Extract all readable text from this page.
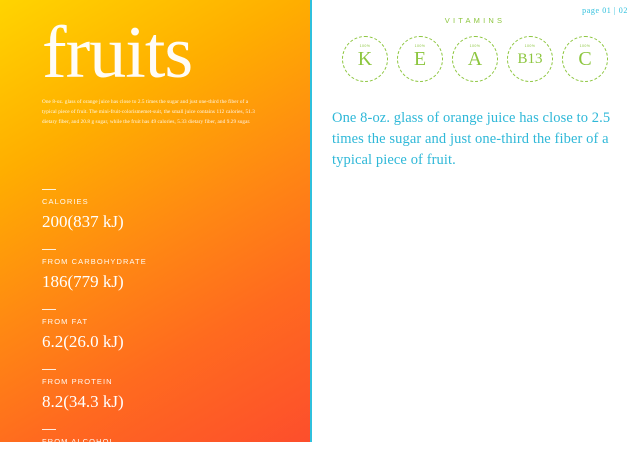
fruits

One 8-oz. glass of orange juice has close to 2.5 times the sugar and just one-third the fiber of a typical piece of fruit. The mini-fruit-colorismemet-suit, the small juice contains 112 calories, 51.3 dietary fiber, and 20.8 g sugar, while the fruit has 49 calories, 5.33 dietary fiber, and 9.29 sugar.

CALORIES
200(837 kJ)
FROM CARBOHYDRATE
186(779 kJ)
FROM FAT
6.2(26.0 kJ)
FROM PROTEIN
8.2(34.3 kJ)
FROM ALCOHOL
0.0(0.0 kJ)
page 01 | 02
VITAMINS
100%
K
100%
E
100%
A
100%
B13
100%
C

One 8-oz. glass of orange juice has close to 2.5 times the sugar and just one-third the fiber of a typical piece of fruit.
